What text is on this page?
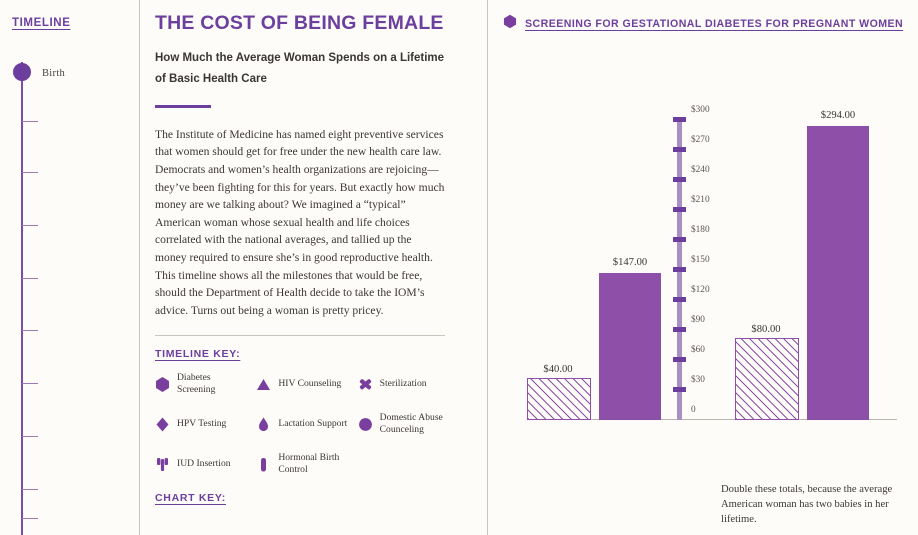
TIMELINE
Birth
THE COST OF BEING FEMALE
How Much the Average Woman Spends on a Lifetime of Basic Health Care
The Institute of Medicine has named eight preventive services that women should get for free under the new health care law. Democrats and women’s health organizations are rejoicing—they’ve been fighting for this for years. But exactly how much money are we talking about? We imagined a “typical” American woman whose sexual health and life choices correlated with the national averages, and tallied up the money required to ensure she’s in good reproductive health. This timeline shows all the milestones that would be free, should the Department of Health decide to take the IOM’s advice. Turns out being a woman is pretty pricey.
TIMELINE KEY:
Diabetes Screening
HIV Counseling	Sterilization
HPV Testing	Lactation Support
Domestic Abuse Counceling
IUD Insertion
Hormonal Birth Control
CHART KEY:
SCREENING FOR GESTATIONAL DIABETES FOR PREGNANT WOMEN
$300
$270
$240
$210
$180
$150
$120
$90
$60
$30
0
$40.00
$147.00
$80.00
$294.00
Double these totals, because the average American woman has two babies in her lifetime.
